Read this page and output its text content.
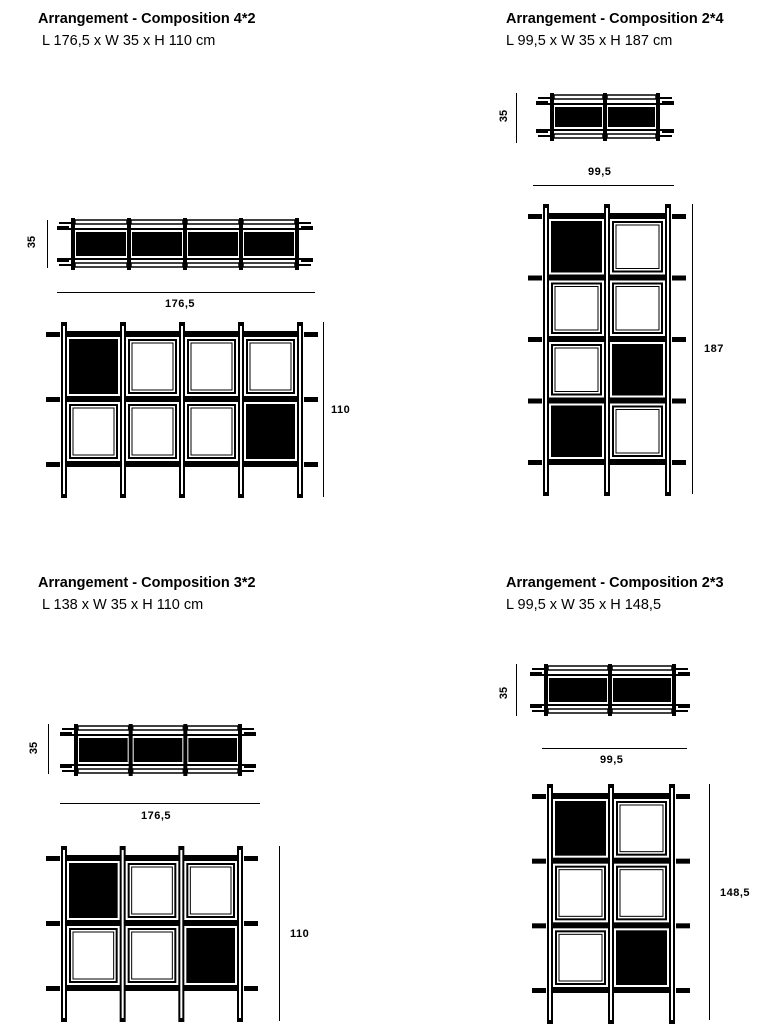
Arrangement - Composition 4*2
L 176,5 x W 35 x H 110 cm
35
176,5
110
Arrangement - Composition 2*4
L 99,5 x W 35 x H 187 cm
35
99,5
187
Arrangement - Composition 3*2
L 138 x W 35 x H 110 cm
35
176,5
110
Arrangement - Composition 2*3
L 99,5 x W 35 x H 148,5
35
99,5
148,5
